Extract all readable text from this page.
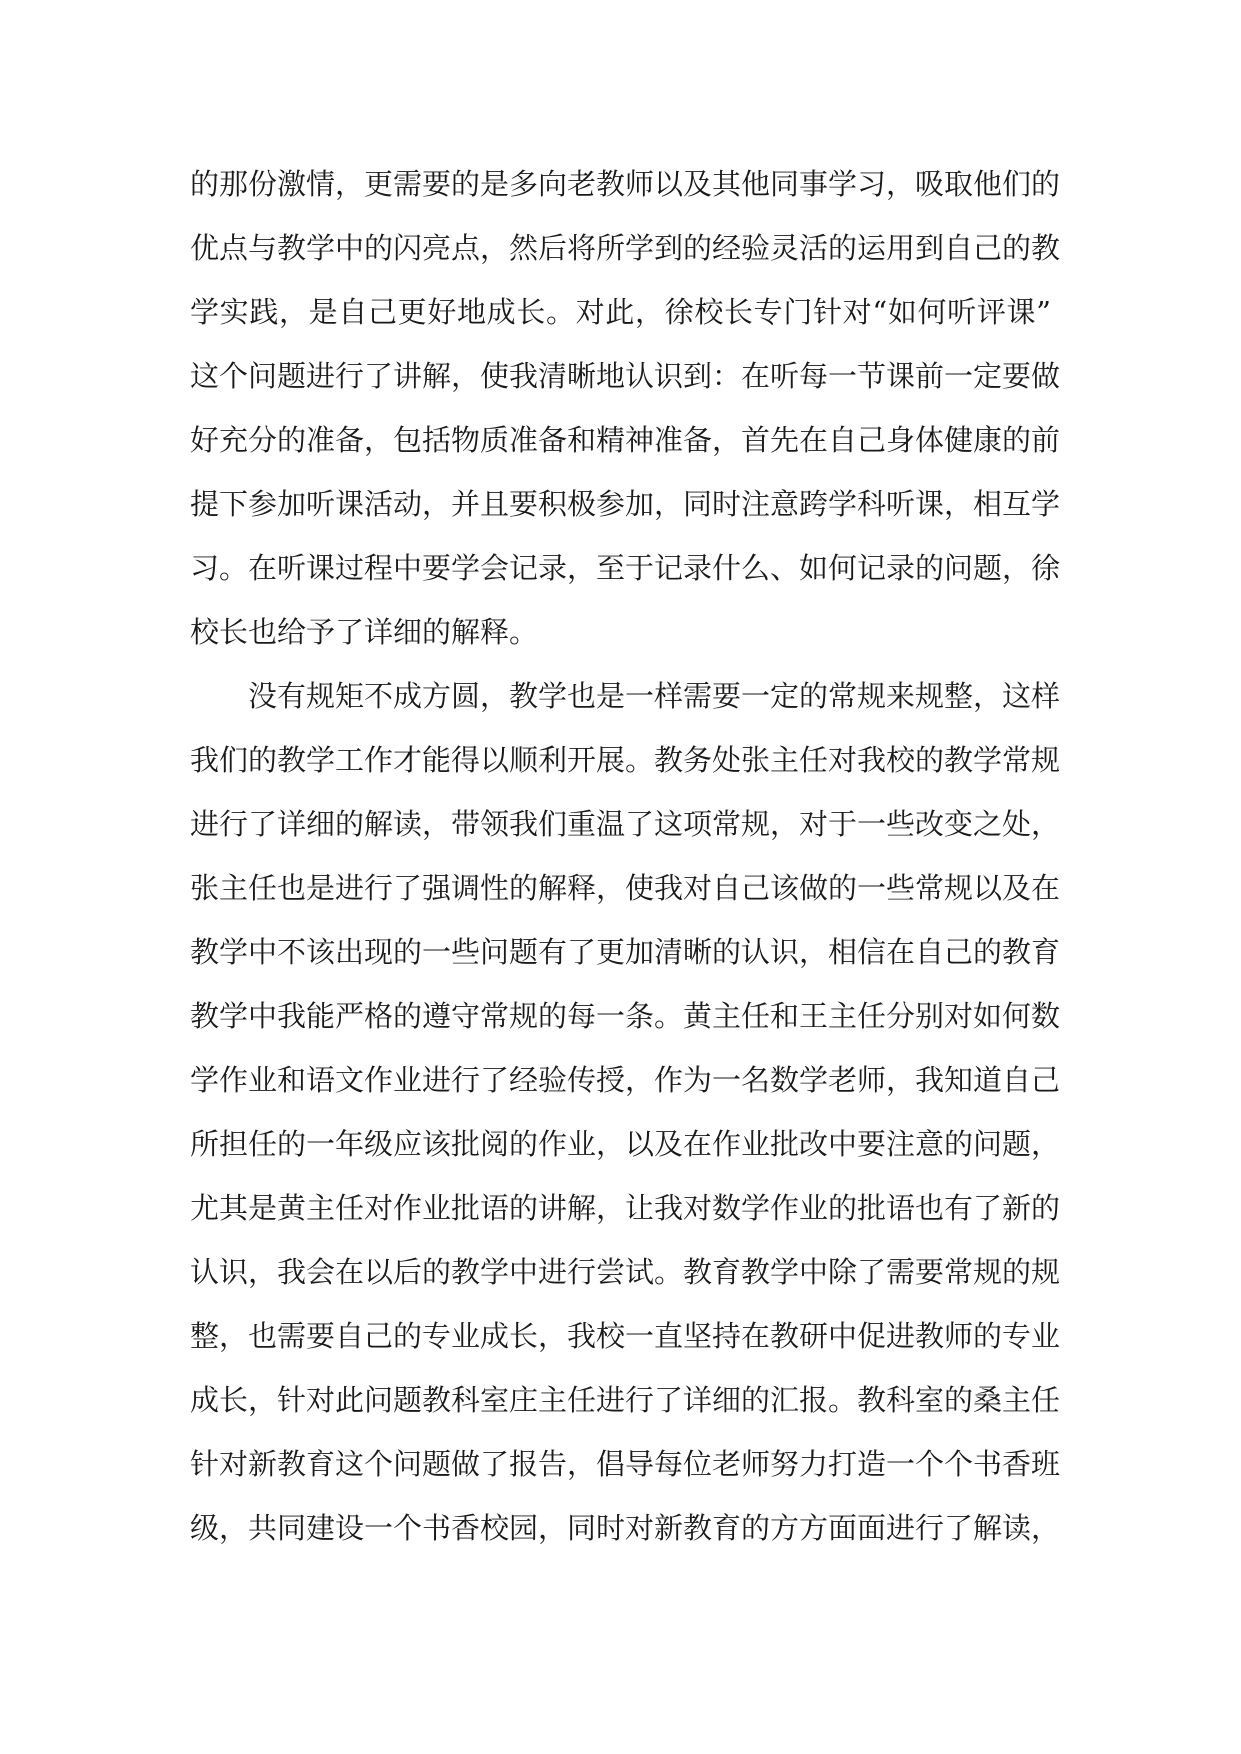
的那份激情，更需要的是多向老教师以及其他同事学习，吸取他们的
优点与教学中的闪亮点，然后将所学到的经验灵活的运用到自己的教
学实践，是自己更好地成长。对此，徐校长专门针对“如何听评课”
这个问题进行了讲解，使我清晰地认识到：在听每一节课前一定要做
好充分的准备，包括物质准备和精神准备，首先在自己身体健康的前
提下参加听课活动，并且要积极参加，同时注意跨学科听课，相互学
习。在听课过程中要学会记录，至于记录什么、如何记录的问题，徐
校长也给予了详细的解释。
没有规矩不成方圆，教学也是一样需要一定的常规来规整，这样
我们的教学工作才能得以顺利开展。教务处张主任对我校的教学常规
进行了详细的解读，带领我们重温了这项常规，对于一些改变之处，
张主任也是进行了强调性的解释，使我对自己该做的一些常规以及在
教学中不该出现的一些问题有了更加清晰的认识，相信在自己的教育
教学中我能严格的遵守常规的每一条。黄主任和王主任分别对如何数
学作业和语文作业进行了经验传授，作为一名数学老师，我知道自己
所担任的一年级应该批阅的作业，以及在作业批改中要注意的问题，
尤其是黄主任对作业批语的讲解，让我对数学作业的批语也有了新的
认识，我会在以后的教学中进行尝试。教育教学中除了需要常规的规
整，也需要自己的专业成长，我校一直坚持在教研中促进教师的专业
成长，针对此问题教科室庄主任进行了详细的汇报。教科室的桑主任
针对新教育这个问题做了报告，倡导每位老师努力打造一个个书香班
级，共同建设一个书香校园，同时对新教育的方方面面进行了解读，
